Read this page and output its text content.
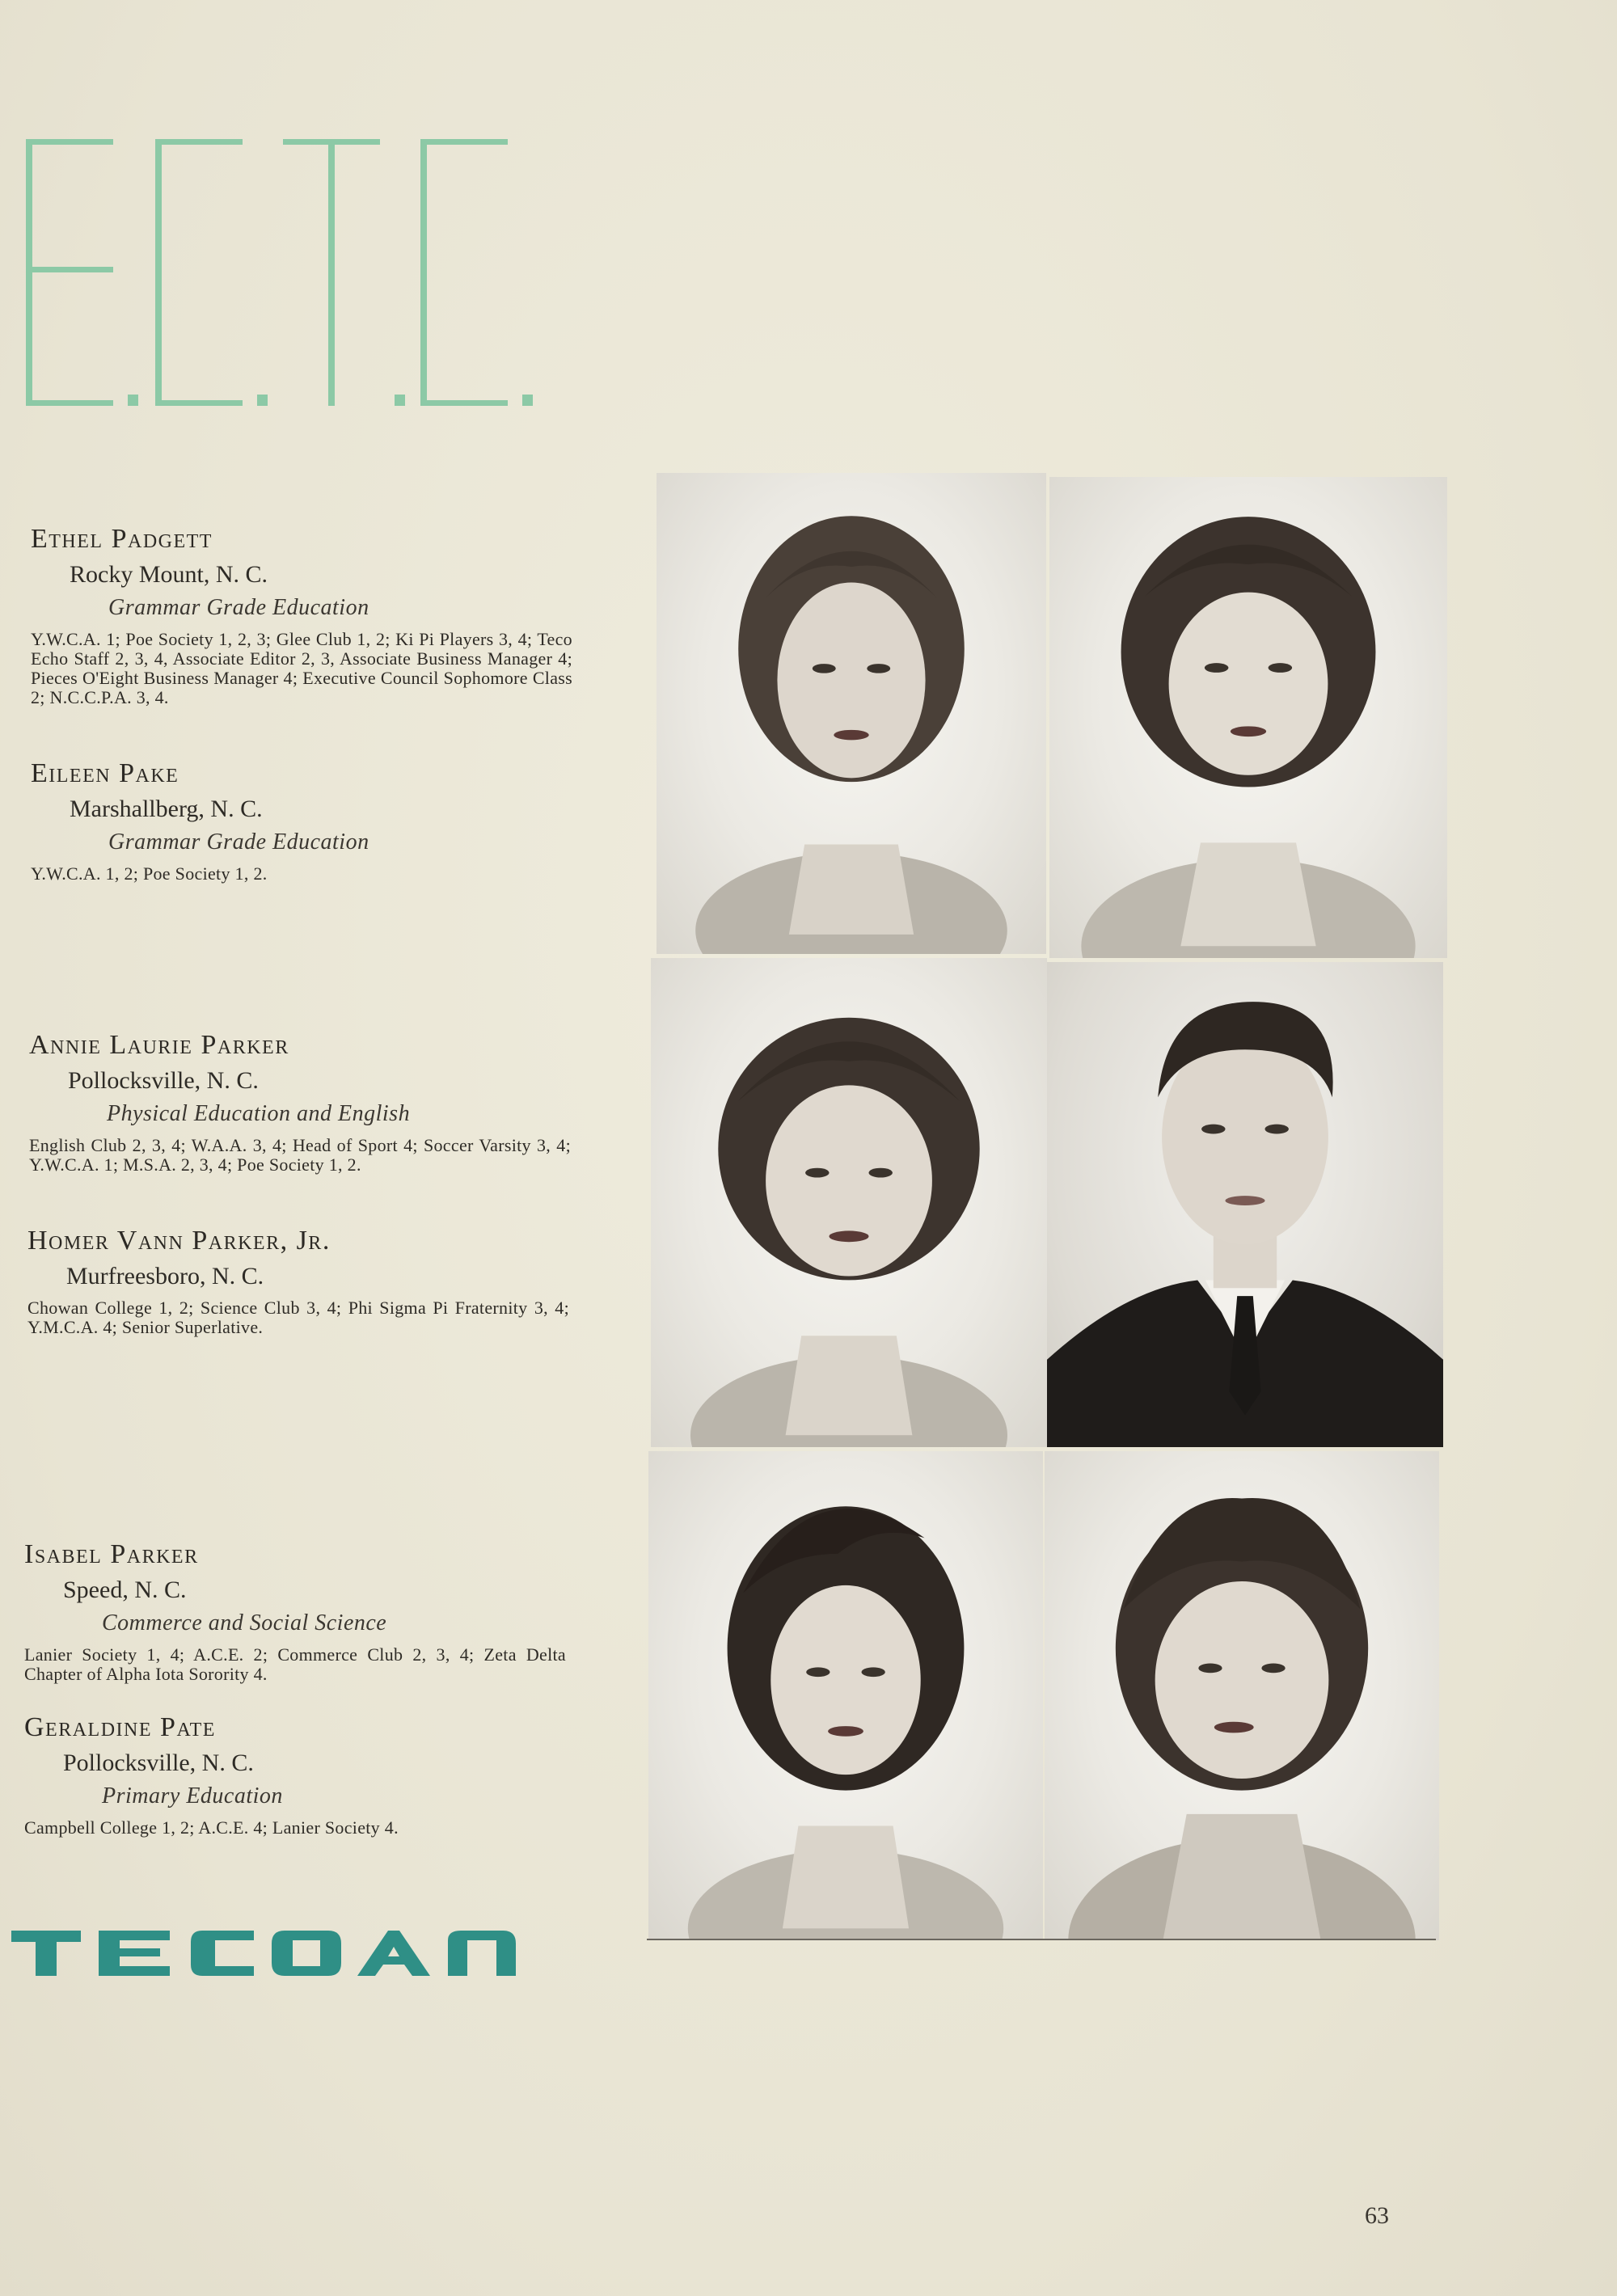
Ethel Padgett
Rocky Mount, N. C.
Grammar Grade Education
Y.W.C.A. 1; Poe Society 1, 2, 3; Glee Club 1, 2; Ki Pi Players 3, 4; Teco Echo Staff 2, 3, 4, Associate Editor 2, 3, Associate Business Manager 4; Pieces O'Eight Business Manager 4; Executive Council Sophomore Class 2; N.C.C.P.A. 3, 4.
Eileen Pake
Marshallberg, N. C.
Grammar Grade Education
Y.W.C.A. 1, 2; Poe Society 1, 2.
Annie Laurie Parker
Pollocksville, N. C.
Physical Education and English
English Club 2, 3, 4; W.A.A. 3, 4; Head of Sport 4; Soccer Varsity 3, 4; Y.W.C.A. 1; M.S.A. 2, 3, 4; Poe Society 1, 2.
Homer Vann Parker, Jr.
Murfreesboro, N. C.
Chowan College 1, 2; Science Club 3, 4; Phi Sigma Pi Fraternity 3, 4; Y.M.C.A. 4; Senior Superlative.
Isabel Parker
Speed, N. C.
Commerce and Social Science
Lanier Society 1, 4; A.C.E. 2; Commerce Club 2, 3, 4; Zeta Delta Chapter of Alpha Iota Sorority 4.
Geraldine Pate
Pollocksville, N. C.
Primary Education
Campbell College 1, 2; A.C.E. 4; Lanier Society 4.
63
